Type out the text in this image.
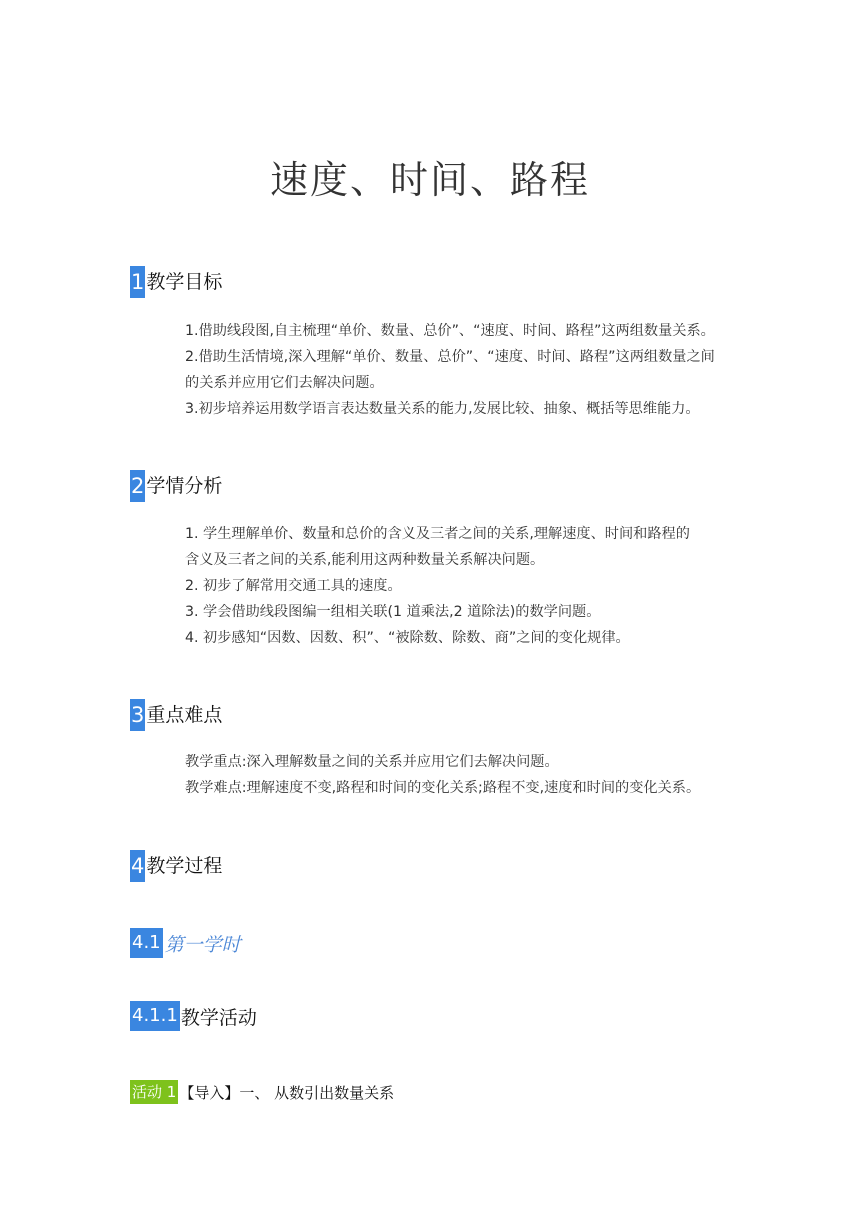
速度、时间、路程
1 教学目标

1.借助线段图,自主梳理“单价、数量、总价”、“速度、时间、路程”这两组数量关系。

2.借助生活情境,深入理解“单价、数量、总价”、“速度、时间、路程”这两组数量之间

的关系并应用它们去解决问题。

3.初步培养运用数学语言表达数量关系的能力,发展比较、抽象、概括等思维能力。

2 学情分析

1. 学生理解单价、数量和总价的含义及三者之间的关系,理解速度、时间和路程的

含义及三者之间的关系,能利用这两种数量关系解决问题。

2. 初步了解常用交通工具的速度。

3. 学会借助线段图编一组相关联(1 道乘法,2 道除法)的数学问题。

4. 初步感知“因数、因数、积”、“被除数、除数、商”之间的变化规律。

3 重点难点

教学重点:深入理解数量之间的关系并应用它们去解决问题。

教学难点:理解速度不变,路程和时间的变化关系;路程不变,速度和时间的变化关系。

4 教学过程
4.1 第一学时
4.1.1 教学活动
活动 1 【导入】一、 从数引出数量关系
